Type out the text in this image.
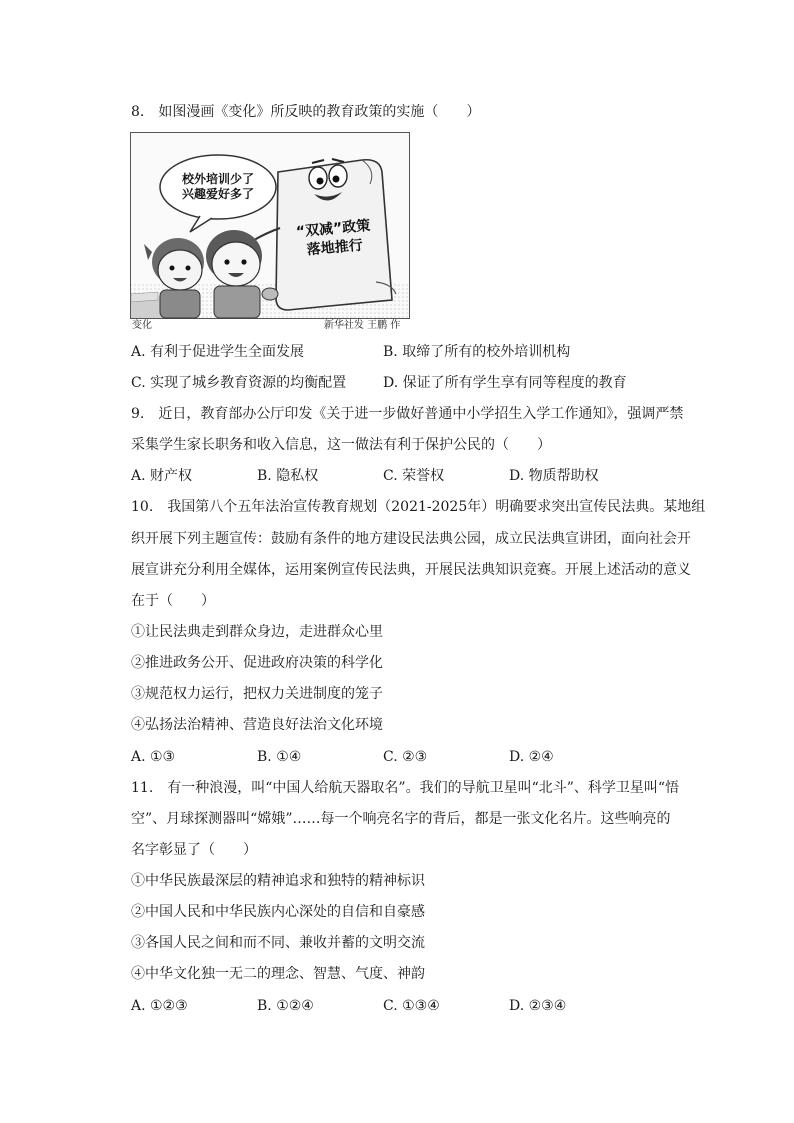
8.　如图漫画《变化》所反映的教育政策的实施（　　）
校外培训少了
兴趣爱好多了
“双减”政策
落地推行
变化	新华社发 王鹏 作
A. 有利于促进学生全面发展	B. 取缔了所有的校外培训机构
C. 实现了城乡教育资源的均衡配置	D. 保证了所有学生享有同等程度的教育
9.　近日，教育部办公厅印发《关于进一步做好普通中小学招生入学工作通知》，强调严禁
采集学生家长职务和收入信息，这一做法有利于保护公民的（　　）
A. 财产权	B. 隐私权	C. 荣誉权	D. 物质帮助权
10.　我国第八个五年法治宣传教育规划（2021-2025年）明确要求突出宣传民法典。某地组
织开展下列主题宣传：鼓励有条件的地方建设民法典公园，成立民法典宣讲团，面向社会开
展宣讲充分利用全媒体，运用案例宣传民法典，开展民法典知识竞赛。开展上述活动的意义
在于（　　）
①让民法典走到群众身边，走进群众心里
②推进政务公开、促进政府决策的科学化
③规范权力运行，把权力关进制度的笼子
④弘扬法治精神、营造良好法治文化环境
A. ①③	B. ①④	C. ②③	D. ②④
11.　有一种浪漫，叫“中国人给航天器取名”。我们的导航卫星叫“北斗”、科学卫星叫“悟
空”、月球探测器叫“嫦娥”……每一个响亮名字的背后，都是一张文化名片。这些响亮的
名字彰显了（　　）
①中华民族最深层的精神追求和独特的精神标识
②中国人民和中华民族内心深处的自信和自豪感
③各国人民之间和而不同、兼收并蓄的文明交流
④中华文化独一无二的理念、智慧、气度、神韵
A. ①②③	B. ①②④	C. ①③④	D. ②③④
